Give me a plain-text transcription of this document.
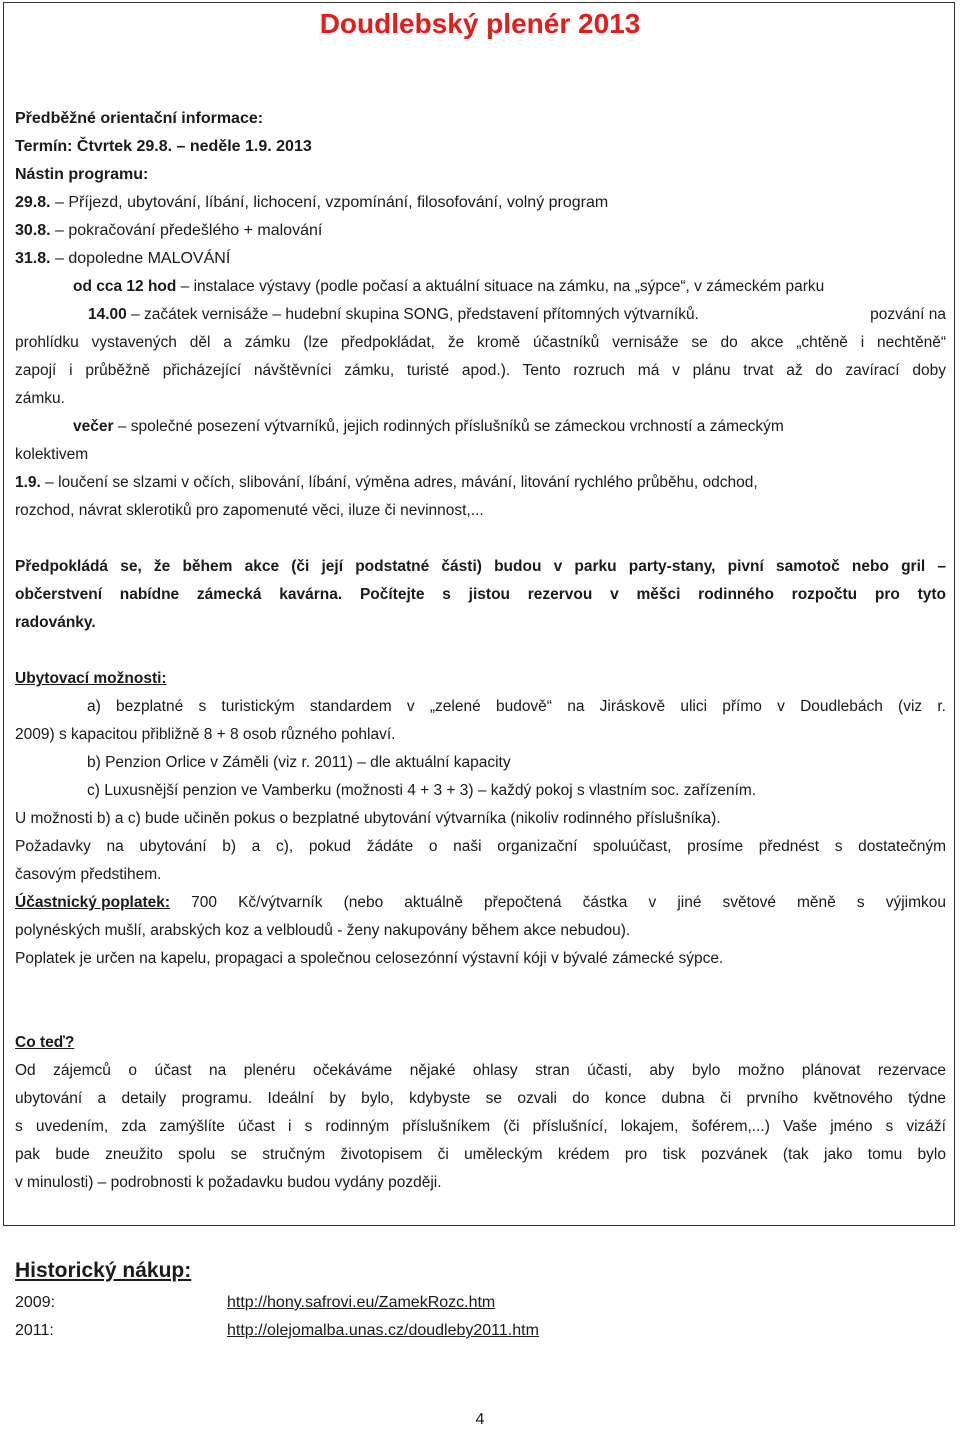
Doudlebský plenér 2013
Předběžné orientační informace:
Termín: Čtvrtek 29.8. – neděle 1.9. 2013
Nástin programu:
29.8. – Příjezd, ubytování, líbání, lichocení, vzpomínání, filosofování, volný program
30.8. – pokračování předešlého + malování
31.8. – dopoledne MALOVÁNÍ
od cca 12 hod – instalace výstavy (podle počasí a aktuální situace na zámku, na „sýpce“, v zámeckém parku
14.00 – začátek vernisáže – hudební skupina SONG, představení přítomných výtvarníků.	pozvání na
prohlídku vystavených děl a zámku (lze předpokládat, že kromě účastníků vernisáže se do akce „chtěně i nechtěně“
zapojí i průběžně přicházející návštěvníci zámku, turisté apod.). Tento rozruch má v plánu trvat až do zavírací doby
zámku.
večer – společné posezení výtvarníků, jejich rodinných příslušníků se zámeckou vrchností a zámeckým
kolektivem
1.9. – loučení se slzami v očích, slibování, líbání, výměna adres, mávání, litování rychlého průběhu, odchod,
rozchod, návrat sklerotiků pro zapomenuté věci, iluze či nevinnost,...
Předpokládá se, že během akce (či její podstatné části) budou v parku party-stany, pivní samotoč nebo gril –
občerstvení nabídne zámecká kavárna. Počítejte s jistou rezervou v měšci rodinného rozpočtu pro tyto
radovánky.
Ubytovací možnosti:
a) bezplatné s turistickým standardem v „zelené budově“ na Jiráskově ulici přímo v Doudlebách (viz r.
2009) s kapacitou přibližně 8 + 8 osob různého pohlaví.
b) Penzion Orlice v Záměli (viz r. 2011) – dle aktuální kapacity
c) Luxusnější penzion ve Vamberku (možnosti 4 + 3 + 3) – každý pokoj s vlastním soc. zařízením.
U možnosti b) a c) bude učiněn pokus o bezplatné ubytování výtvarníka (nikoliv rodinného příslušníka).
Požadavky na ubytování b) a c), pokud žádáte o naši organizační spoluúčast, prosíme přednést s dostatečným
časovým předstihem.
Účastnický poplatek: 700 Kč/výtvarník (nebo aktuálně přepočtená částka v jiné světové měně s výjimkou
polynéských mušlí, arabských koz a velbloudů - ženy nakupovány během akce nebudou).
Poplatek je určen na kapelu, propagaci a společnou celosezónní výstavní kóji v bývalé zámecké sýpce.
Co teď?
Od zájemců o účast na plenéru očekáváme nějaké ohlasy stran účasti, aby bylo možno plánovat rezervace
ubytování a detaily programu. Ideální by bylo, kdybyste se ozvali do konce dubna či prvního květnového týdne
s uvedením, zda zamýšlíte účast i s rodinným příslušníkem (či příslušnící, lokajem, šoférem,...) Vaše jméno s vizáží
pak bude zneužito spolu se stručným životopisem či uměleckým krédem pro tisk pozvánek (tak jako tomu bylo
v minulosti) – podrobnosti k požadavku budou vydány později.
Historický nákup:
2009:	http://hony.safrovi.eu/ZamekRozc.htm
2011:	http://olejomalba.unas.cz/doudleby2011.htm
4
